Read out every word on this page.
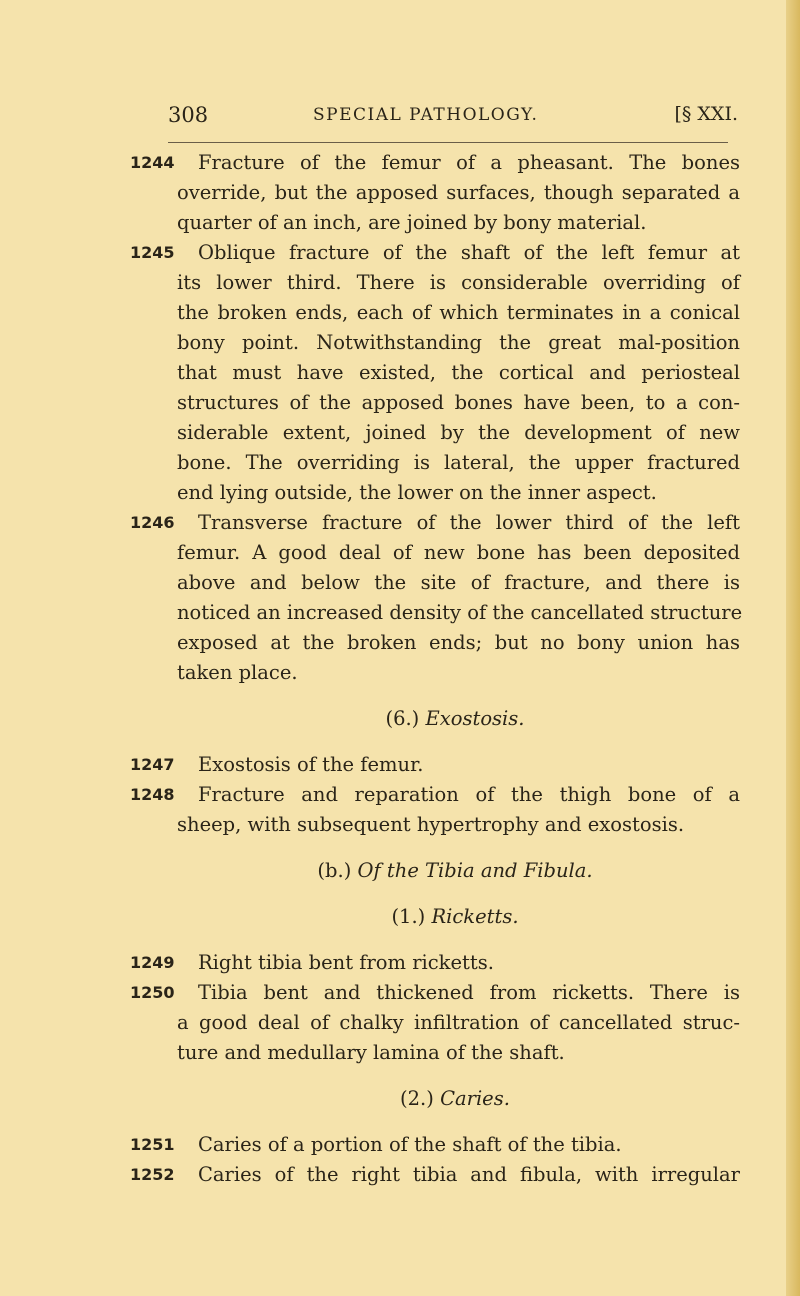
308	SPECIAL PATHOLOGY.	[§ XXI.
1244 Fracture of the femur of a pheasant. The bones
override, but the apposed surfaces, though separated a
quarter of an inch, are joined by bony material.
1245 Oblique fracture of the shaft of the left femur at
its lower third. There is considerable overriding of
the broken ends, each of which terminates in a conical
bony point. Notwithstanding the great mal-position
that must have existed, the cortical and periosteal
structures of the apposed bones have been, to a con-
siderable extent, joined by the development of new
bone. The overriding is lateral, the upper fractured
end lying outside, the lower on the inner aspect.
1246 Transverse fracture of the lower third of the left
femur. A good deal of new bone has been deposited
above and below the site of fracture, and there is
noticed an increased density of the cancellated structure
exposed at the broken ends; but no bony union has
taken place.
(6.) Exostosis.
1247 Exostosis of the femur.
1248 Fracture and reparation of the thigh bone of a
sheep, with subsequent hypertrophy and exostosis.
(b.) Of the Tibia and Fibula.
(1.) Ricketts.
1249 Right tibia bent from ricketts.
1250 Tibia bent and thickened from ricketts. There is
a good deal of chalky infiltration of cancellated struc-
ture and medullary lamina of the shaft.
(2.) Caries.
1251 Caries of a portion of the shaft of the tibia.
1252 Caries of the right tibia and fibula, with irregular
